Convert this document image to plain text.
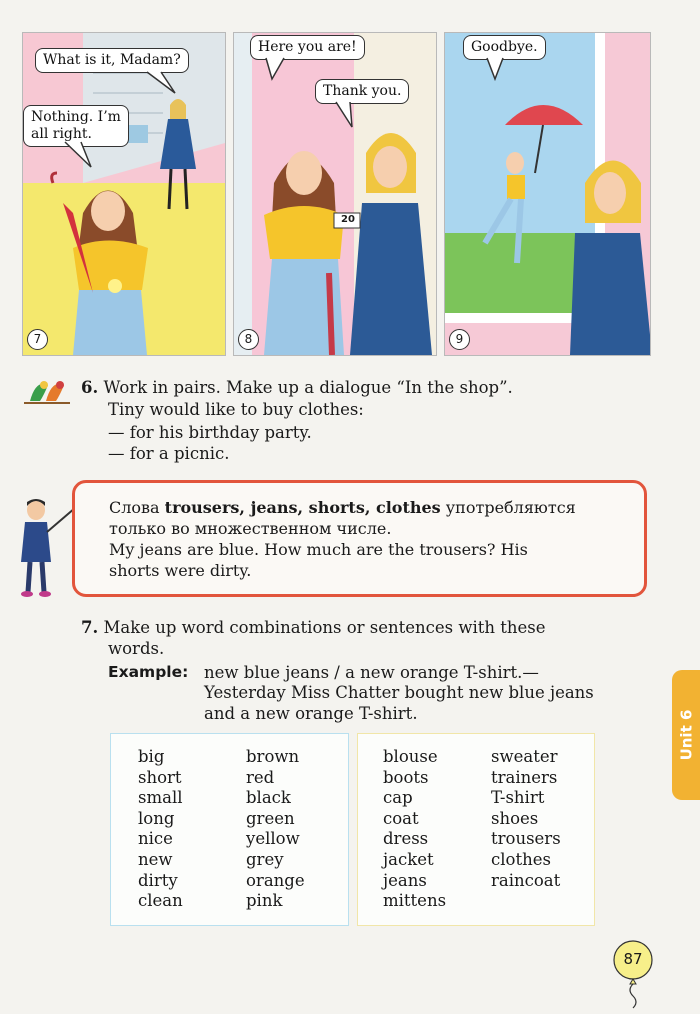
What is it, Madam?
Nothing. I’m
all right.
7
20
Here you are!
Thank you.
8
Goodbye.
9
6. Work in pairs. Make up a dialogue “In the shop”.
Tiny would like to buy clothes:
— for his birthday party.
— for a picnic.
Слова trousers, jeans, shorts, clothes употребляются
только во множественном числе.
My jeans are blue. How much are the trousers? His
shorts were dirty.
7. Make up word combinations or sentences with these
words.
Example: new blue jeans / a new orange T-shirt.—
Yesterday Miss Chatter bought new blue jeans
and a new orange T-shirt.
big
short
small
long
nice
new
dirty
clean
brown
red
black
green
yellow
grey
orange
pink
blouse
boots
cap
coat
dress
jacket
jeans
mittens
sweater
trainers
T-shirt
shoes
trousers
clothes
raincoat
Unit 6
87
